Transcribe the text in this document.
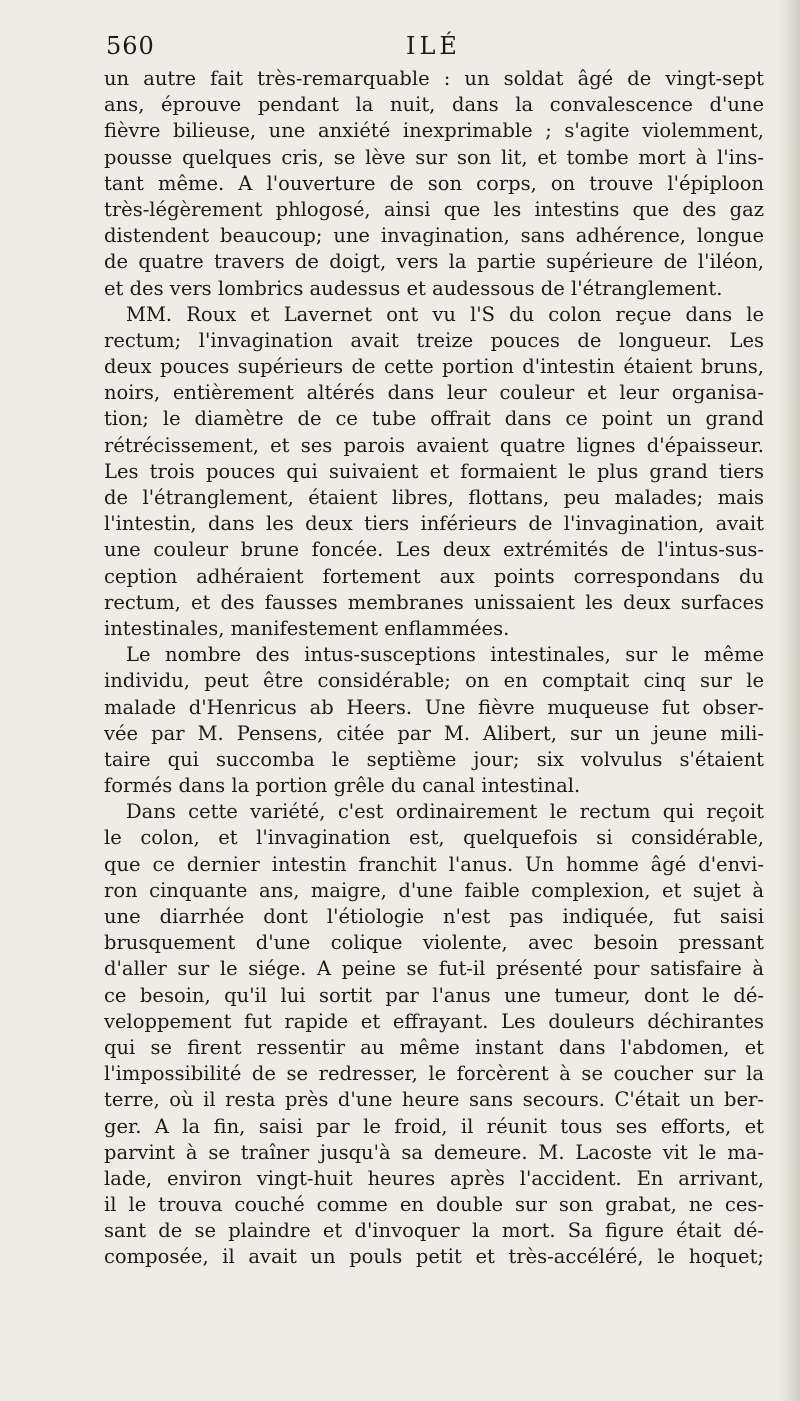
560	ILÉ
un autre fait très-remarquable : un soldat âgé de vingt-sept
ans, éprouve pendant la nuit, dans la convalescence d'une
fièvre bilieuse, une anxiété inexprimable ; s'agite violemment,
pousse quelques cris, se lève sur son lit, et tombe mort à l'ins-
tant même. A l'ouverture de son corps, on trouve l'épiploon
très-légèrement phlogosé, ainsi que les intestins que des gaz
distendent beaucoup; une invagination, sans adhérence, longue
de quatre travers de doigt, vers la partie supérieure de l'iléon,
et des vers lombrics audessus et audessous de l'étranglement.
MM. Roux et Lavernet ont vu l'S du colon reçue dans le
rectum; l'invagination avait treize pouces de longueur. Les
deux pouces supérieurs de cette portion d'intestin étaient bruns,
noirs, entièrement altérés dans leur couleur et leur organisa-
tion; le diamètre de ce tube offrait dans ce point un grand
rétrécissement, et ses parois avaient quatre lignes d'épaisseur.
Les trois pouces qui suivaient et formaient le plus grand tiers
de l'étranglement, étaient libres, flottans, peu malades; mais
l'intestin, dans les deux tiers inférieurs de l'invagination, avait
une couleur brune foncée. Les deux extrémités de l'intus-sus-
ception adhéraient fortement aux points correspondans du
rectum, et des fausses membranes unissaient les deux surfaces
intestinales, manifestement enflammées.
Le nombre des intus-susceptions intestinales, sur le même
individu, peut être considérable; on en comptait cinq sur le
malade d'Henricus ab Heers. Une fièvre muqueuse fut obser-
vée par M. Pensens, citée par M. Alibert, sur un jeune mili-
taire qui succomba le septième jour; six volvulus s'étaient
formés dans la portion grêle du canal intestinal.
Dans cette variété, c'est ordinairement le rectum qui reçoit
le colon, et l'invagination est, quelquefois si considérable,
que ce dernier intestin franchit l'anus. Un homme âgé d'envi-
ron cinquante ans, maigre, d'une faible complexion, et sujet à
une diarrhée dont l'étiologie n'est pas indiquée, fut saisi
brusquement d'une colique violente, avec besoin pressant
d'aller sur le siége. A peine se fut-il présenté pour satisfaire à
ce besoin, qu'il lui sortit par l'anus une tumeur, dont le dé-
veloppement fut rapide et effrayant. Les douleurs déchirantes
qui se firent ressentir au même instant dans l'abdomen, et
l'impossibilité de se redresser, le forcèrent à se coucher sur la
terre, où il resta près d'une heure sans secours. C'était un ber-
ger. A la fin, saisi par le froid, il réunit tous ses efforts, et
parvint à se traîner jusqu'à sa demeure. M. Lacoste vit le ma-
lade, environ vingt-huit heures après l'accident. En arrivant,
il le trouva couché comme en double sur son grabat, ne ces-
sant de se plaindre et d'invoquer la mort. Sa figure était dé-
composée, il avait un pouls petit et très-accéléré, le hoquet;
